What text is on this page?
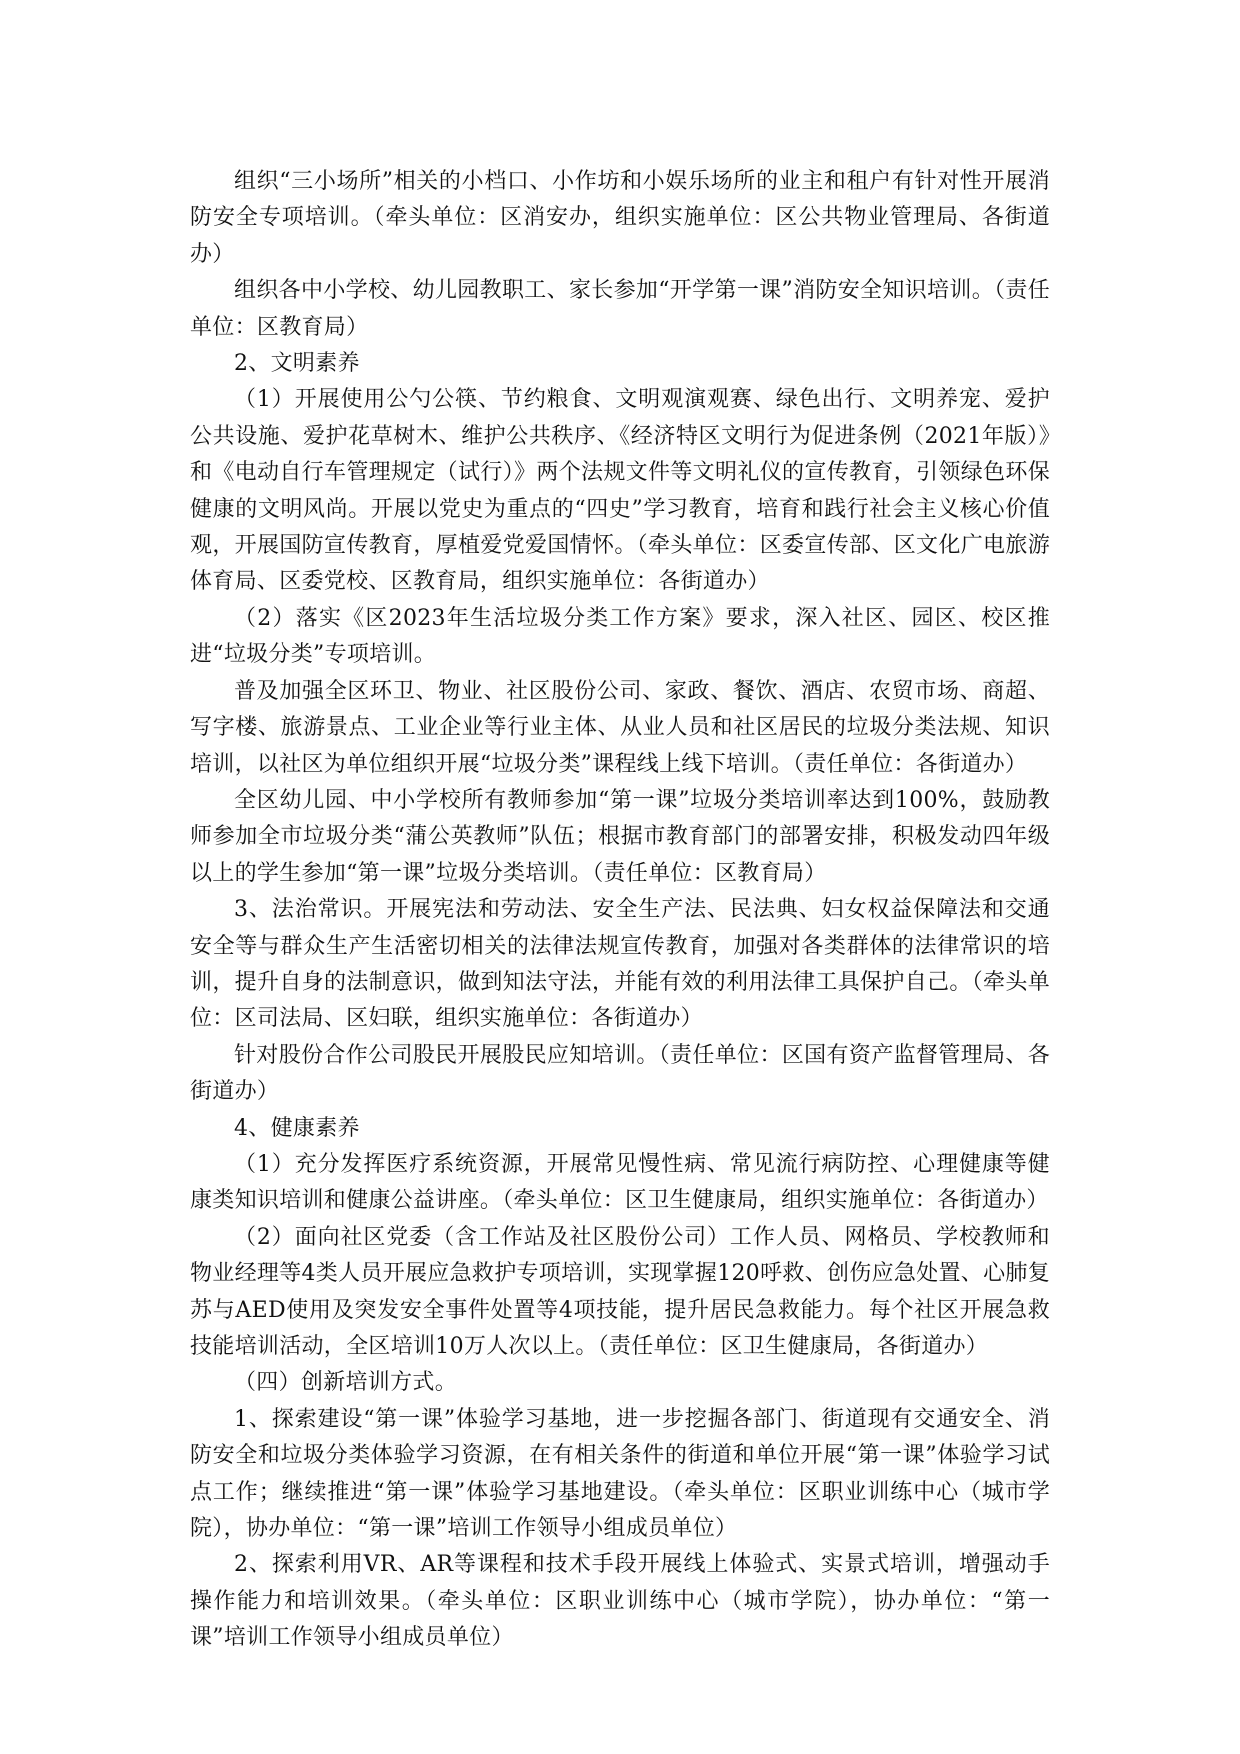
组织“三小场所”相关的小档口、小作坊和小娱乐场所的业主和租户有针对性开展消防安全专项培训。（牵头单位：区消安办，组织实施单位：区公共物业管理局、各街道办）

组织各中小学校、幼儿园教职工、家长参加“开学第一课”消防安全知识培训。（责任单位：区教育局）

2、文明素养

（1）开展使用公勺公筷、节约粮食、文明观演观赛、绿色出行、文明养宠、爱护公共设施、爱护花草树木、维护公共秩序、《经济特区文明行为促进条例（2021年版）》和《电动自行车管理规定（试行）》两个法规文件等文明礼仪的宣传教育，引领绿色环保健康的文明风尚。开展以党史为重点的“四史”学习教育，培育和践行社会主义核心价值观，开展国防宣传教育，厚植爱党爱国情怀。（牵头单位：区委宣传部、区文化广电旅游体育局、区委党校、区教育局，组织实施单位：各街道办）

（2）落实《区2023年生活垃圾分类工作方案》要求，深入社区、园区、校区推进“垃圾分类”专项培训。

普及加强全区环卫、物业、社区股份公司、家政、餐饮、酒店、农贸市场、商超、写字楼、旅游景点、工业企业等行业主体、从业人员和社区居民的垃圾分类法规、知识培训，以社区为单位组织开展“垃圾分类”课程线上线下培训。（责任单位：各街道办）

全区幼儿园、中小学校所有教师参加“第一课”垃圾分类培训率达到100%，鼓励教师参加全市垃圾分类“蒲公英教师”队伍；根据市教育部门的部署安排，积极发动四年级以上的学生参加“第一课”垃圾分类培训。（责任单位：区教育局）

3、法治常识。开展宪法和劳动法、安全生产法、民法典、妇女权益保障法和交通安全等与群众生产生活密切相关的法律法规宣传教育，加强对各类群体的法律常识的培训，提升自身的法制意识，做到知法守法，并能有效的利用法律工具保护自己。（牵头单位：区司法局、区妇联，组织实施单位：各街道办）

针对股份合作公司股民开展股民应知培训。（责任单位：区国有资产监督管理局、各街道办）

4、健康素养

（1）充分发挥医疗系统资源，开展常见慢性病、常见流行病防控、心理健康等健康类知识培训和健康公益讲座。（牵头单位：区卫生健康局，组织实施单位：各街道办）

（2）面向社区党委（含工作站及社区股份公司）工作人员、网格员、学校教师和物业经理等4类人员开展应急救护专项培训，实现掌握120呼救、创伤应急处置、心肺复苏与AED使用及突发安全事件处置等4项技能，提升居民急救能力。每个社区开展急救技能培训活动，全区培训10万人次以上。（责任单位：区卫生健康局，各街道办）

（四）创新培训方式。

1、探索建设“第一课”体验学习基地，进一步挖掘各部门、街道现有交通安全、消防安全和垃圾分类体验学习资源，在有相关条件的街道和单位开展“第一课”体验学习试点工作；继续推进“第一课”体验学习基地建设。（牵头单位：区职业训练中心（城市学院），协办单位：“第一课”培训工作领导小组成员单位）

2、探索利用VR、AR等课程和技术手段开展线上体验式、实景式培训，增强动手操作能力和培训效果。（牵头单位：区职业训练中心（城市学院），协办单位：“第一课”培训工作领导小组成员单位）
